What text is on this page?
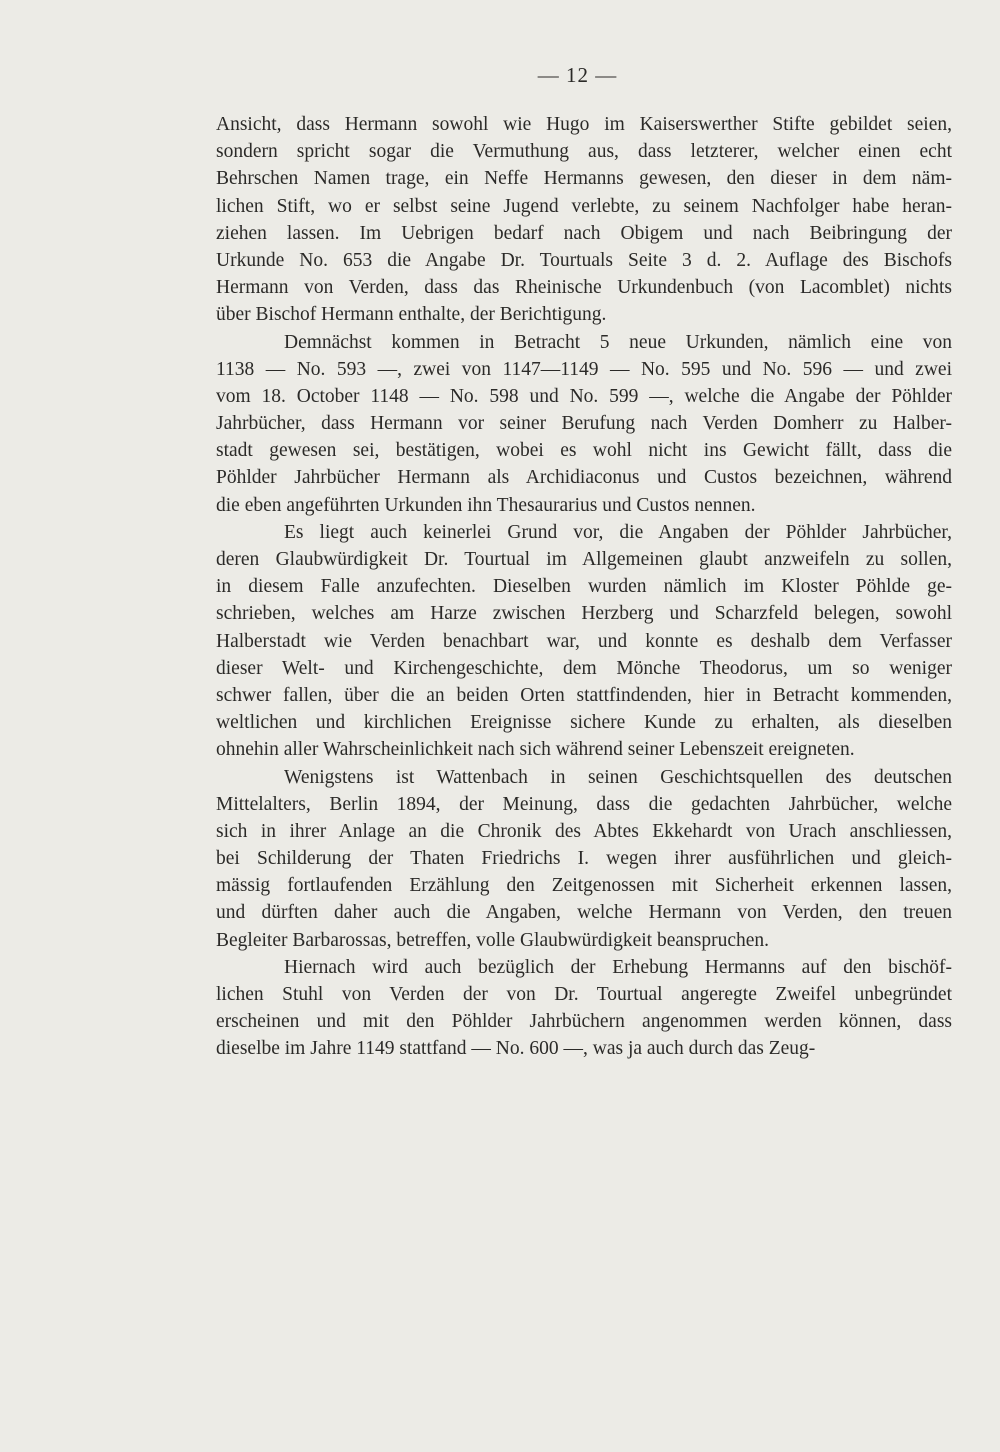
— 12 —
Ansicht, dass Hermann sowohl wie Hugo im Kaiserswerther Stifte gebildet seien,
sondern spricht sogar die Vermuthung aus, dass letzterer, welcher einen echt
Behrschen Namen trage, ein Neffe Hermanns gewesen, den dieser in dem näm-
lichen Stift, wo er selbst seine Jugend verlebte, zu seinem Nachfolger habe heran-
ziehen lassen. Im Uebrigen bedarf nach Obigem und nach Beibringung der
Urkunde No. 653 die Angabe Dr. Tourtuals Seite 3 d. 2. Auflage des Bischofs
Hermann von Verden, dass das Rheinische Urkundenbuch (von Lacomblet) nichts
über Bischof Hermann enthalte, der Berichtigung.
Demnächst kommen in Betracht 5 neue Urkunden, nämlich eine von
1138 — No. 593 —, zwei von 1147—1149 — No. 595 und No. 596 — und zwei
vom 18. October 1148 — No. 598 und No. 599 —, welche die Angabe der Pöhlder
Jahrbücher, dass Hermann vor seiner Berufung nach Verden Domherr zu Halber-
stadt gewesen sei, bestätigen, wobei es wohl nicht ins Gewicht fällt, dass die
Pöhlder Jahrbücher Hermann als Archidiaconus und Custos bezeichnen, während
die eben angeführten Urkunden ihn Thesaurarius und Custos nennen.
Es liegt auch keinerlei Grund vor, die Angaben der Pöhlder Jahrbücher,
deren Glaubwürdigkeit Dr. Tourtual im Allgemeinen glaubt anzweifeln zu sollen,
in diesem Falle anzufechten. Dieselben wurden nämlich im Kloster Pöhlde ge-
schrieben, welches am Harze zwischen Herzberg und Scharzfeld belegen, sowohl
Halberstadt wie Verden benachbart war, und konnte es deshalb dem Verfasser
dieser Welt- und Kirchengeschichte, dem Mönche Theodorus, um so weniger
schwer fallen, über die an beiden Orten stattfindenden, hier in Betracht kommenden,
weltlichen und kirchlichen Ereignisse sichere Kunde zu erhalten, als dieselben
ohnehin aller Wahrscheinlichkeit nach sich während seiner Lebenszeit ereigneten.
Wenigstens ist Wattenbach in seinen Geschichtsquellen des deutschen
Mittelalters, Berlin 1894, der Meinung, dass die gedachten Jahrbücher, welche
sich in ihrer Anlage an die Chronik des Abtes Ekkehardt von Urach anschliessen,
bei Schilderung der Thaten Friedrichs I. wegen ihrer ausführlichen und gleich-
mässig fortlaufenden Erzählung den Zeitgenossen mit Sicherheit erkennen lassen,
und dürften daher auch die Angaben, welche Hermann von Verden, den treuen
Begleiter Barbarossas, betreffen, volle Glaubwürdigkeit beanspruchen.
Hiernach wird auch bezüglich der Erhebung Hermanns auf den bischöf-
lichen Stuhl von Verden der von Dr. Tourtual angeregte Zweifel unbegründet
erscheinen und mit den Pöhlder Jahrbüchern angenommen werden können, dass
dieselbe im Jahre 1149 stattfand — No. 600 —, was ja auch durch das Zeug-
